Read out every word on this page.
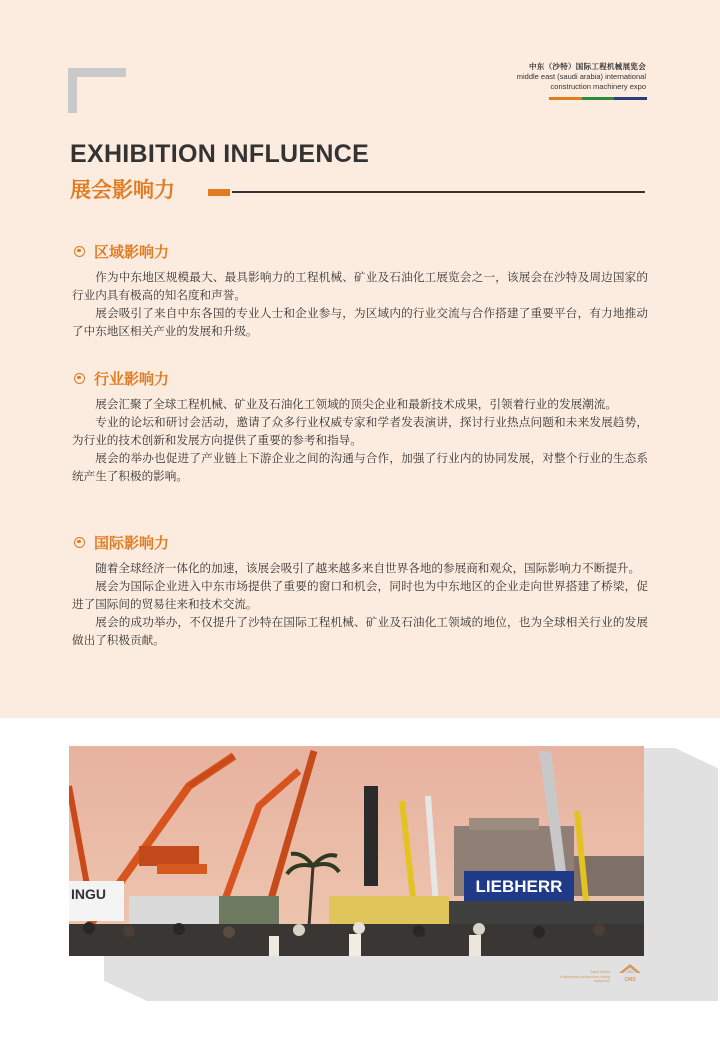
中东（沙特）国际工程机械展览会
middle east (saudi arabia) international
construction machinery expo
EXHIBITION INFLUENCE
展会影响力
区域影响力

作为中东地区规模最大、最具影响力的工程机械、矿业及石油化工展览会之一，该展会在沙特及周边国家的行业内具有极高的知名度和声誉。

展会吸引了来自中东各国的专业人士和企业参与，为区域内的行业交流与合作搭建了重要平台，有力地推动了中东地区相关产业的发展和升级。

行业影响力

展会汇聚了全球工程机械、矿业及石油化工领域的顶尖企业和最新技术成果，引领着行业的发展潮流。

专业的论坛和研讨会活动，邀请了众多行业权威专家和学者发表演讲，探讨行业热点问题和未来发展趋势，为行业的技术创新和发展方向提供了重要的参考和指导。

展会的举办也促进了产业链上下游企业之间的沟通与合作，加强了行业内的协同发展，对整个行业的生态系统产生了积极的影响。

国际影响力

随着全球经济一体化的加速，该展会吸引了越来越多来自世界各地的参展商和观众，国际影响力不断提升。

展会为国际企业进入中东市场提供了重要的窗口和机会，同时也为中东地区的企业走向世界搭建了桥梁，促进了国际间的贸易往来和技术交流。

展会的成功举办，不仅提升了沙特在国际工程机械、矿业及石油化工领域的地位，也为全球相关行业的发展做出了积极贡献。

LIEBHERR
INGU
Saudi Arabia
Engineering construction mining equipment	CMS
